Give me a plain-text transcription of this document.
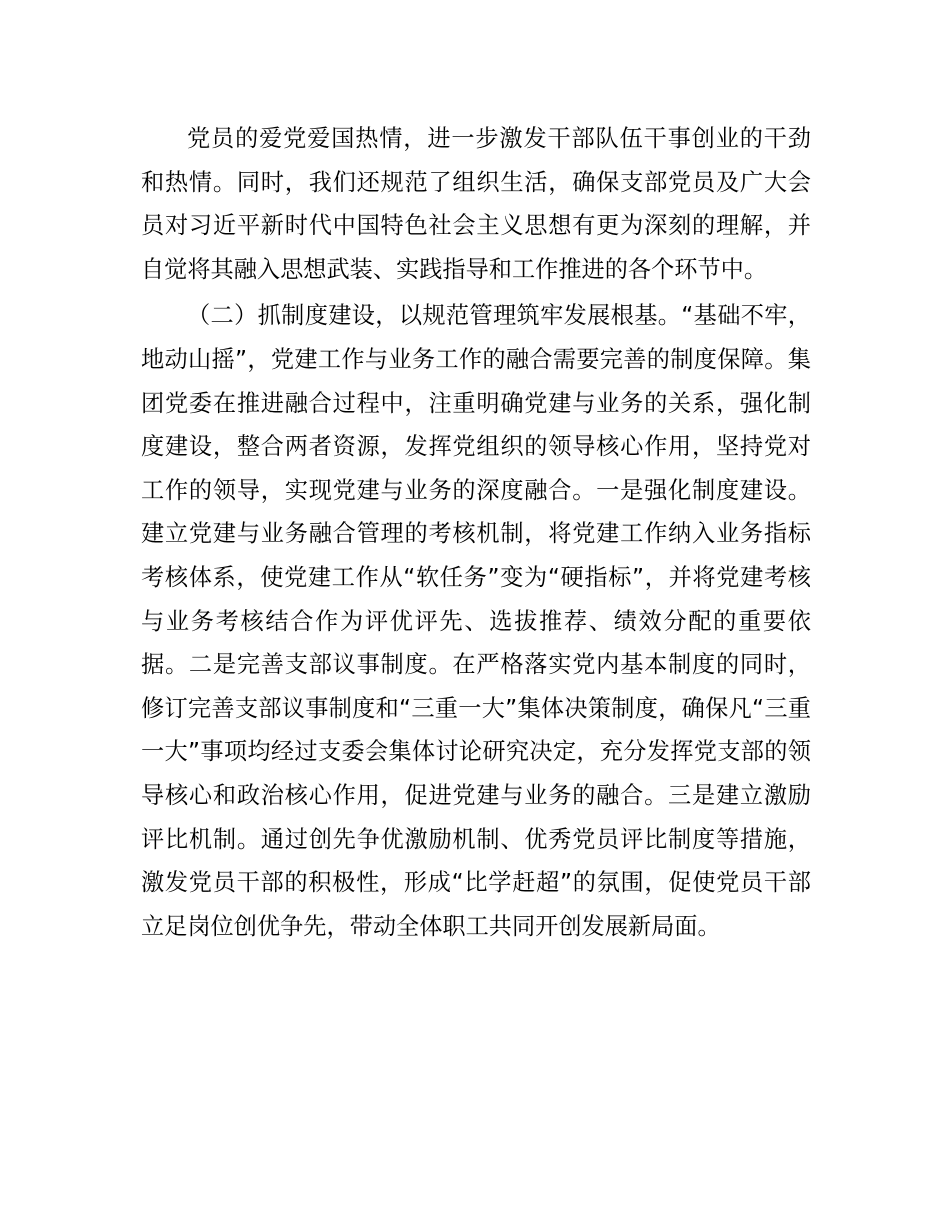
党员的爱党爱国热情，进一步激发干部队伍干事创业的干劲和热情。同时，我们还规范了组织生活，确保支部党员及广大会员对习近平新时代中国特色社会主义思想有更为深刻的理解，并自觉将其融入思想武装、实践指导和工作推进的各个环节中。

（二）抓制度建设，以规范管理筑牢发展根基。“基础不牢，地动山摇”，党建工作与业务工作的融合需要完善的制度保障。集团党委在推进融合过程中，注重明确党建与业务的关系，强化制度建设，整合两者资源，发挥党组织的领导核心作用，坚持党对工作的领导，实现党建与业务的深度融合。一是强化制度建设。建立党建与业务融合管理的考核机制，将党建工作纳入业务指标考核体系，使党建工作从“软任务”变为“硬指标”，并将党建考核与业务考核结合作为评优评先、选拔推荐、绩效分配的重要依据。二是完善支部议事制度。在严格落实党内基本制度的同时，修订完善支部议事制度和“三重一大”集体决策制度，确保凡“三重一大”事项均经过支委会集体讨论研究决定，充分发挥党支部的领导核心和政治核心作用，促进党建与业务的融合。三是建立激励评比机制。通过创先争优激励机制、优秀党员评比制度等措施，激发党员干部的积极性，形成“比学赶超”的氛围，促使党员干部立足岗位创优争先，带动全体职工共同开创发展新局面。
